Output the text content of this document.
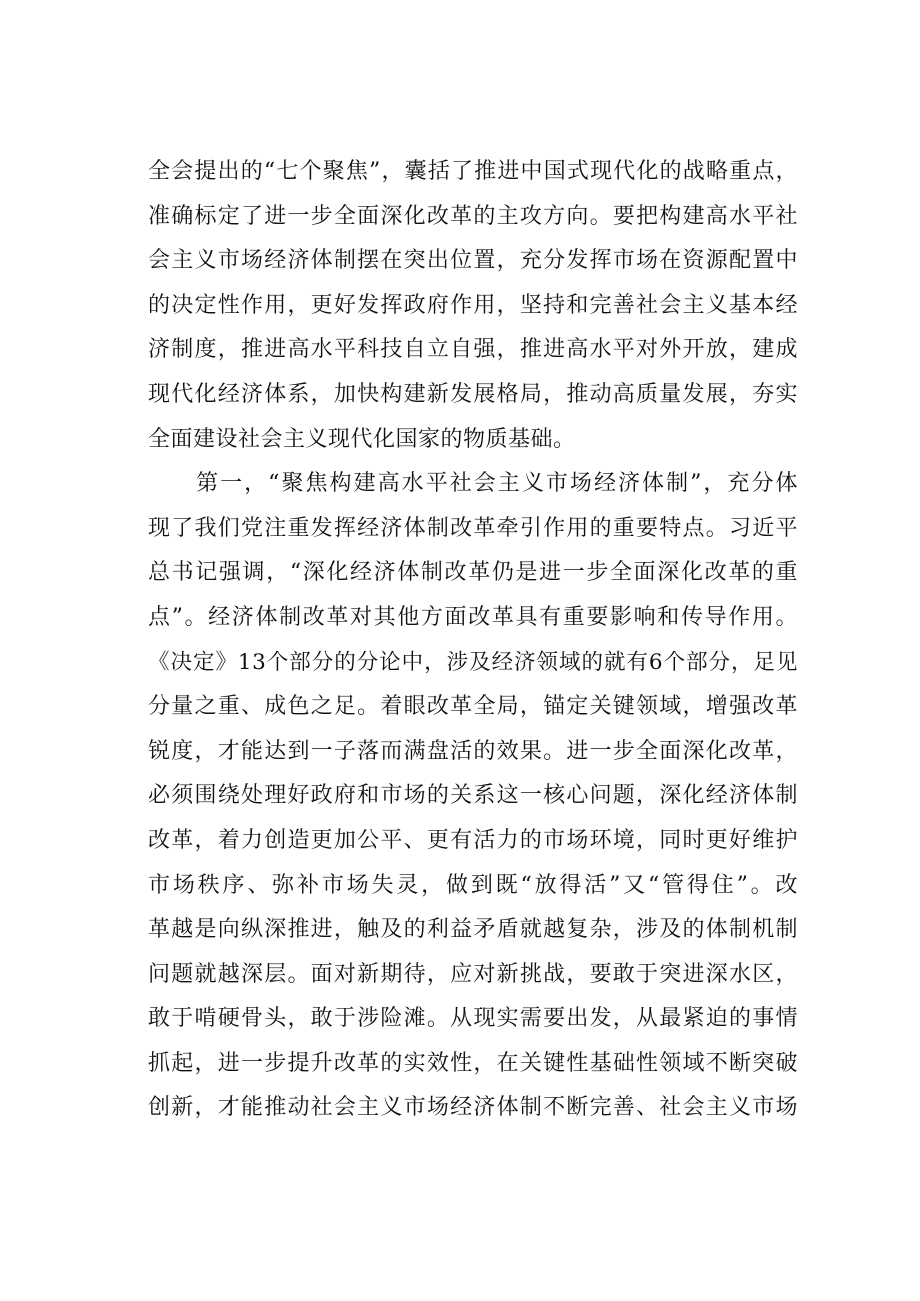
全会提出的“七个聚焦”，囊括了推进中国式现代化的战略重点，
准确标定了进一步全面深化改革的主攻方向。要把构建高水平社
会主义市场经济体制摆在突出位置，充分发挥市场在资源配置中
的决定性作用，更好发挥政府作用，坚持和完善社会主义基本经
济制度，推进高水平科技自立自强，推进高水平对外开放，建成
现代化经济体系，加快构建新发展格局，推动高质量发展，夯实
全面建设社会主义现代化国家的物质基础。
　　第一，“聚焦构建高水平社会主义市场经济体制”，充分体
现了我们党注重发挥经济体制改革牵引作用的重要特点。习近平
总书记强调，“深化经济体制改革仍是进一步全面深化改革的重
点”。经济体制改革对其他方面改革具有重要影响和传导作用。
《决定》13个部分的分论中，涉及经济领域的就有6个部分，足见
分量之重、成色之足。着眼改革全局，锚定关键领域，增强改革
锐度，才能达到一子落而满盘活的效果。进一步全面深化改革，
必须围绕处理好政府和市场的关系这一核心问题，深化经济体制
改革，着力创造更加公平、更有活力的市场环境，同时更好维护
市场秩序、弥补市场失灵，做到既“放得活”又“管得住”。改
革越是向纵深推进，触及的利益矛盾就越复杂，涉及的体制机制
问题就越深层。面对新期待，应对新挑战，要敢于突进深水区，
敢于啃硬骨头，敢于涉险滩。从现实需要出发，从最紧迫的事情
抓起，进一步提升改革的实效性，在关键性基础性领域不断突破
创新，才能推动社会主义市场经济体制不断完善、社会主义市场
